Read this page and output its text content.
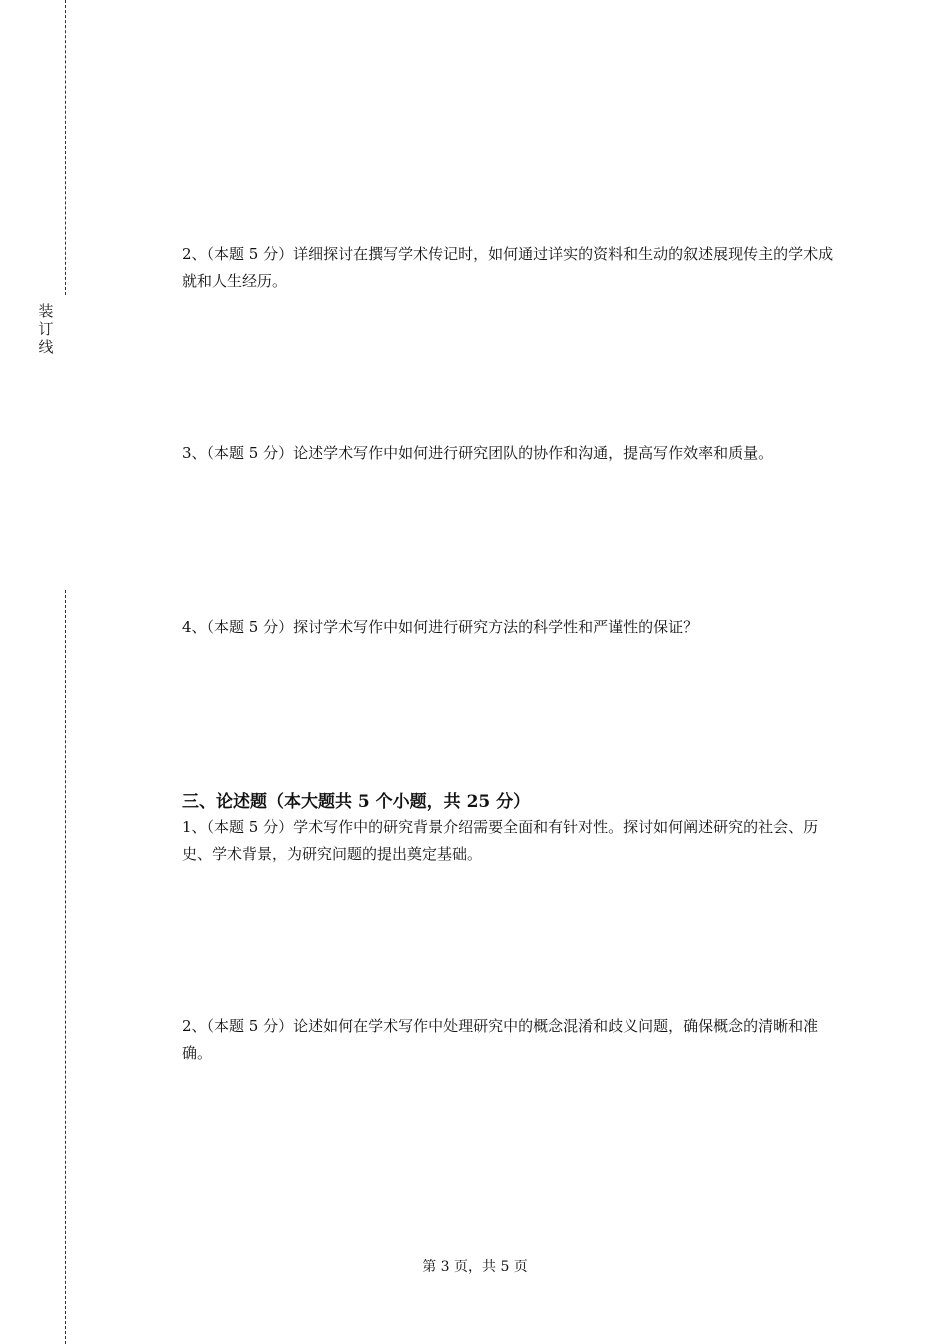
装
订
线

2、（本题 5 分）详细探讨在撰写学术传记时，如何通过详实的资料和生动的叙述展现传主的学术成就和人生经历。

3、（本题 5 分）论述学术写作中如何进行研究团队的协作和沟通，提高写作效率和质量。

4、（本题 5 分）探讨学术写作中如何进行研究方法的科学性和严谨性的保证？

三、论述题（本大题共 5 个小题，共 25 分）

1、（本题 5 分）学术写作中的研究背景介绍需要全面和有针对性。探讨如何阐述研究的社会、历史、学术背景，为研究问题的提出奠定基础。

2、（本题 5 分）论述如何在学术写作中处理研究中的概念混淆和歧义问题，确保概念的清晰和准确。

第 3 页，共 5 页
